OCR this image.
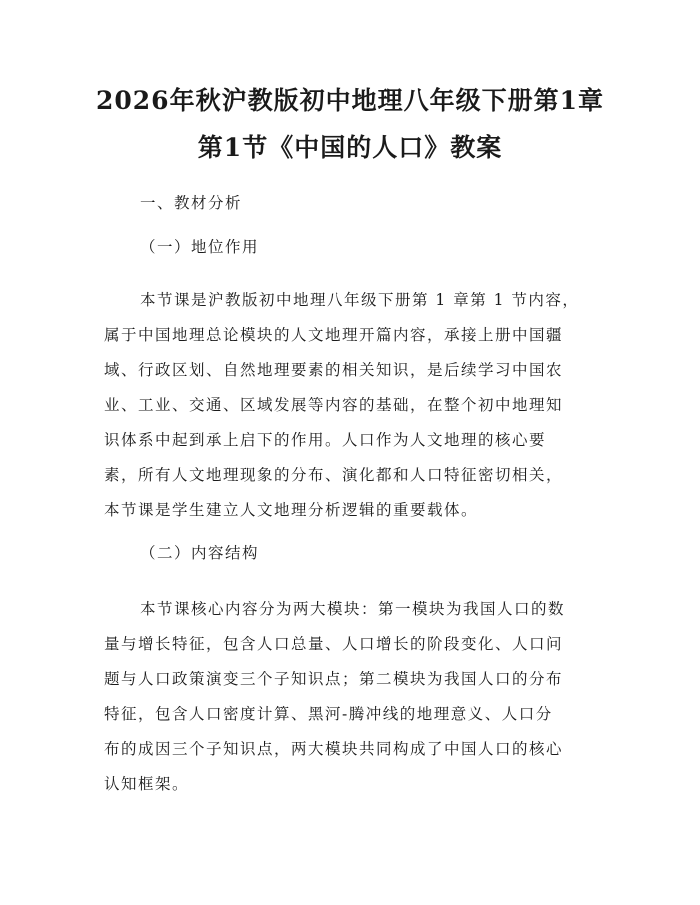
2026年秋沪教版初中地理八年级下册第1章
第1节《中国的人口》教案
一、教材分析
（一）地位作用
本节课是沪教版初中地理八年级下册第 1 章第 1 节内容，
属于中国地理总论模块的人文地理开篇内容，承接上册中国疆
域、行政区划、自然地理要素的相关知识，是后续学习中国农
业、工业、交通、区域发展等内容的基础，在整个初中地理知
识体系中起到承上启下的作用。人口作为人文地理的核心要
素，所有人文地理现象的分布、演化都和人口特征密切相关，
本节课是学生建立人文地理分析逻辑的重要载体。
（二）内容结构
本节课核心内容分为两大模块：第一模块为我国人口的数
量与增长特征，包含人口总量、人口增长的阶段变化、人口问
题与人口政策演变三个子知识点；第二模块为我国人口的分布
特征，包含人口密度计算、黑河-腾冲线的地理意义、人口分
布的成因三个子知识点，两大模块共同构成了中国人口的核心
认知框架。
